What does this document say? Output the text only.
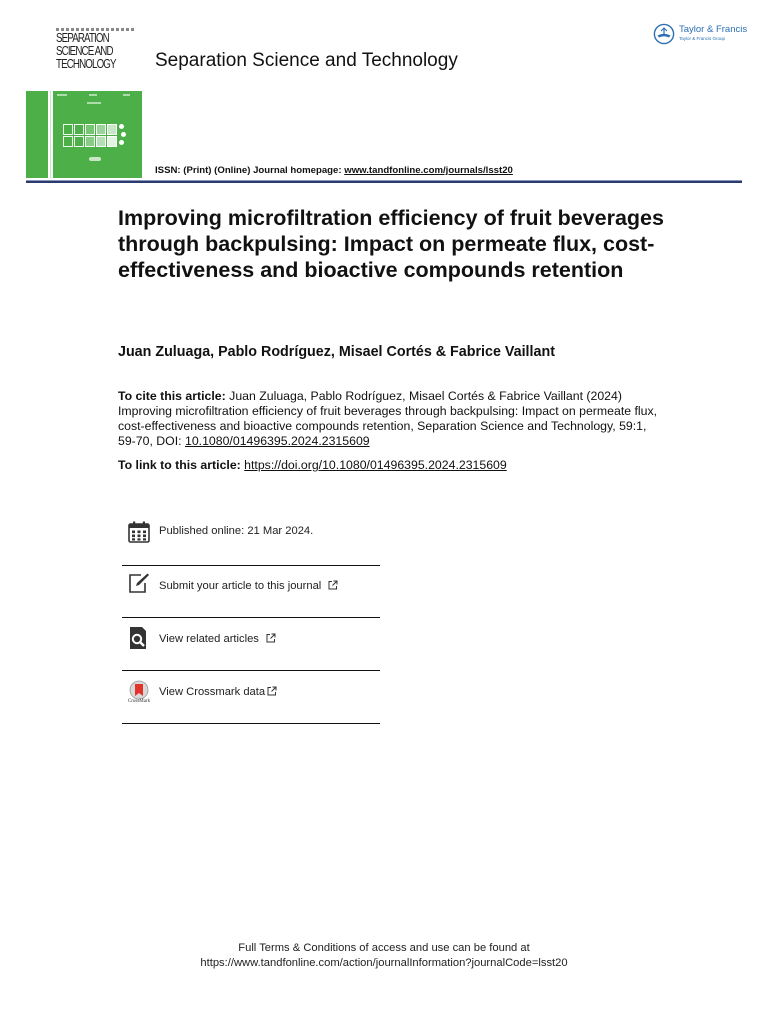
SEPARATION SCIENCE AND TECHNOLOGY	Separation Science and Technology
ISSN: (Print) (Online) Journal homepage: www.tandfonline.com/journals/lsst20
Taylor & Francis
Taylor & Francis Group
Improving microfiltration efficiency of fruit beverages through backpulsing: Impact on permeate flux, cost-effectiveness and bioactive compounds retention
Juan Zuluaga, Pablo Rodríguez, Misael Cortés & Fabrice Vaillant
To cite this article: Juan Zuluaga, Pablo Rodríguez, Misael Cortés & Fabrice Vaillant (2024) Improving microfiltration efficiency of fruit beverages through backpulsing: Impact on permeate flux, cost-effectiveness and bioactive compounds retention, Separation Science and Technology, 59:1, 59-70, DOI: 10.1080/01496395.2024.2315609
To link to this article: https://doi.org/10.1080/01496395.2024.2315609
Published online: 21 Mar 2024.
Submit your article to this journal
View related articles
CrossMark
View Crossmark data
Full Terms & Conditions of access and use can be found at
https://www.tandfonline.com/action/journalInformation?journalCode=lsst20
